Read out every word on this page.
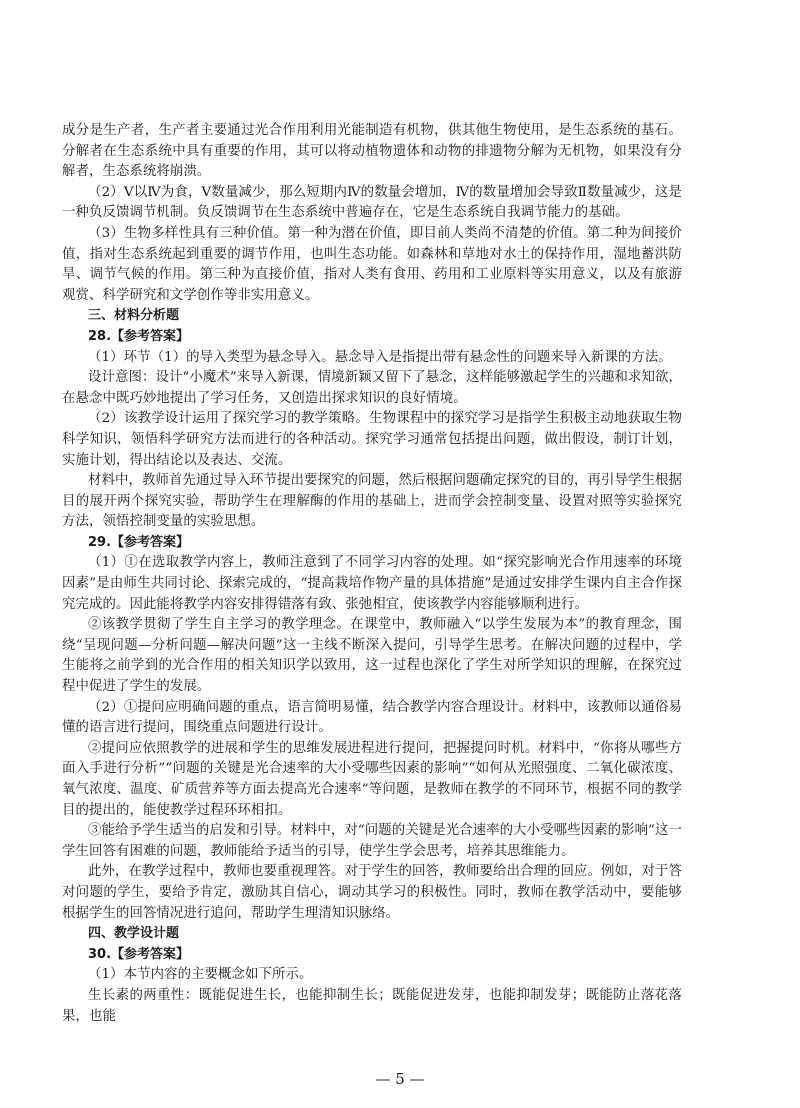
成分是生产者，生产者主要通过光合作用利用光能制造有机物，供其他生物使用，是生态系统的基石。分解者在生态系统中具有重要的作用，其可以将动植物遗体和动物的排遗物分解为无机物，如果没有分解者，生态系统将崩溃。

（2）Ⅴ以Ⅳ为食，Ⅴ数量减少，那么短期内Ⅳ的数量会增加，Ⅳ的数量增加会导致Ⅱ数量减少，这是一种负反馈调节机制。负反馈调节在生态系统中普遍存在，它是生态系统自我调节能力的基础。

（3）生物多样性具有三种价值。第一种为潜在价值，即目前人类尚不清楚的价值。第二种为间接价值，指对生态系统起到重要的调节作用，也叫生态功能。如森林和草地对水土的保持作用，湿地蓄洪防旱、调节气候的作用。第三种为直接价值，指对人类有食用、药用和工业原料等实用意义，以及有旅游观赏、科学研究和文学创作等非实用意义。

三、材料分析题

28.【参考答案】

（1）环节（1）的导入类型为悬念导入。悬念导入是指提出带有悬念性的问题来导入新课的方法。

设计意图：设计“小魔术”来导入新课，情境新颖又留下了悬念，这样能够激起学生的兴趣和求知欲，在悬念中既巧妙地提出了学习任务，又创造出探求知识的良好情境。

（2）该教学设计运用了探究学习的教学策略。生物课程中的探究学习是指学生积极主动地获取生物科学知识，领悟科学研究方法而进行的各种活动。探究学习通常包括提出问题，做出假设，制订计划，实施计划，得出结论以及表达、交流。

材料中，教师首先通过导入环节提出要探究的问题，然后根据问题确定探究的目的，再引导学生根据目的展开两个探究实验，帮助学生在理解酶的作用的基础上，进而学会控制变量、设置对照等实验探究方法，领悟控制变量的实验思想。

29.【参考答案】

（1）①在选取教学内容上，教师注意到了不同学习内容的处理。如“探究影响光合作用速率的环境因素”是由师生共同讨论、探索完成的，“提高栽培作物产量的具体措施”是通过安排学生课内自主合作探究完成的。因此能将教学内容安排得错落有致、张弛相宜，使该教学内容能够顺利进行。

②该教学贯彻了学生自主学习的教学理念。在课堂中，教师融入“以学生发展为本”的教育理念，围绕“呈现问题—分析问题—解决问题”这一主线不断深入提问，引导学生思考。在解决问题的过程中，学生能将之前学到的光合作用的相关知识学以致用，这一过程也深化了学生对所学知识的理解，在探究过程中促进了学生的发展。

（2）①提问应明确问题的重点，语言简明易懂，结合教学内容合理设计。材料中，该教师以通俗易懂的语言进行提问，围绕重点问题进行设计。

②提问应依照教学的进展和学生的思维发展进程进行提问，把握提问时机。材料中，“你将从哪些方面入手进行分析”“问题的关键是光合速率的大小受哪些因素的影响”“如何从光照强度、二氧化碳浓度、氧气浓度、温度、矿质营养等方面去提高光合速率”等问题，是教师在教学的不同环节，根据不同的教学目的提出的，能使教学过程环环相扣。

③能给予学生适当的启发和引导。材料中，对“问题的关键是光合速率的大小受哪些因素的影响”这一学生回答有困难的问题，教师能给予适当的引导，使学生学会思考，培养其思维能力。

此外，在教学过程中，教师也要重视理答。对于学生的回答，教师要给出合理的回应。例如，对于答对问题的学生，要给予肯定，激励其自信心，调动其学习的积极性。同时，教师在教学活动中，要能够根据学生的回答情况进行追问，帮助学生理清知识脉络。

四、教学设计题

30.【参考答案】

（1）本节内容的主要概念如下所示。

生长素的两重性：既能促进生长，也能抑制生长；既能促进发芽，也能抑制发芽；既能防止落花落果，也能

— 5 —
